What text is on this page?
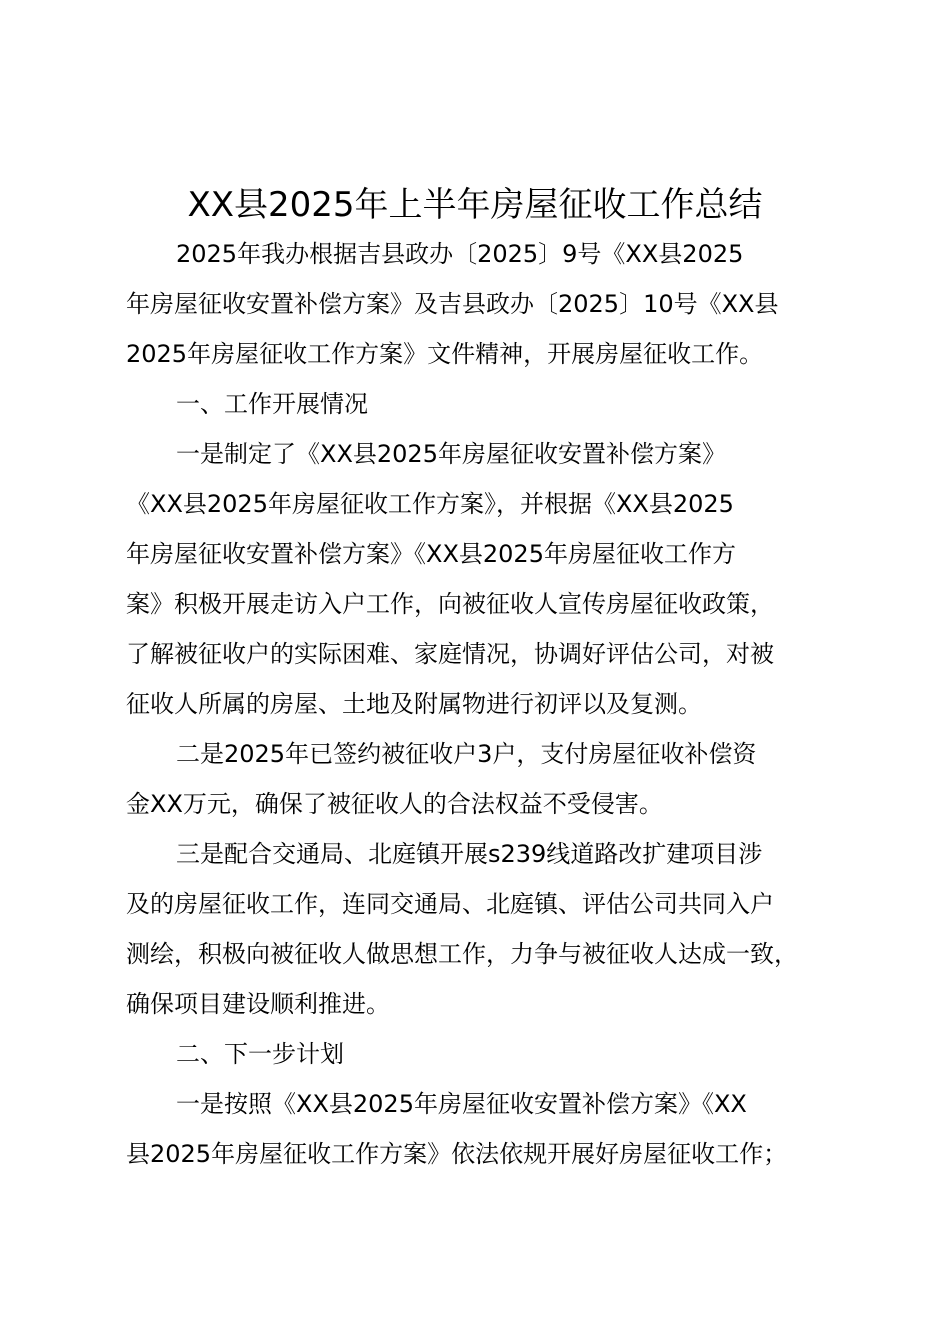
XX县2025年上半年房屋征收工作总结
2025年我办根据吉县政办〔2025〕9号《XX县2025
年房屋征收安置补偿方案》及吉县政办〔2025〕10号《XX县
2025年房屋征收工作方案》文件精神，开展房屋征收工作。
一、工作开展情况
一是制定了《XX县2025年房屋征收安置补偿方案》
《XX县2025年房屋征收工作方案》，并根据《XX县2025
年房屋征收安置补偿方案》《XX县2025年房屋征收工作方
案》积极开展走访入户工作，向被征收人宣传房屋征收政策，
了解被征收户的实际困难、家庭情况，协调好评估公司，对被
征收人所属的房屋、土地及附属物进行初评以及复测。
二是2025年已签约被征收户3户，支付房屋征收补偿资
金XX万元，确保了被征收人的合法权益不受侵害。
三是配合交通局、北庭镇开展s239线道路改扩建项目涉
及的房屋征收工作，连同交通局、北庭镇、评估公司共同入户
测绘，积极向被征收人做思想工作，力争与被征收人达成一致，
确保项目建设顺利推进。
二、下一步计划
一是按照《XX县2025年房屋征收安置补偿方案》《XX
县2025年房屋征收工作方案》依法依规开展好房屋征收工作；
